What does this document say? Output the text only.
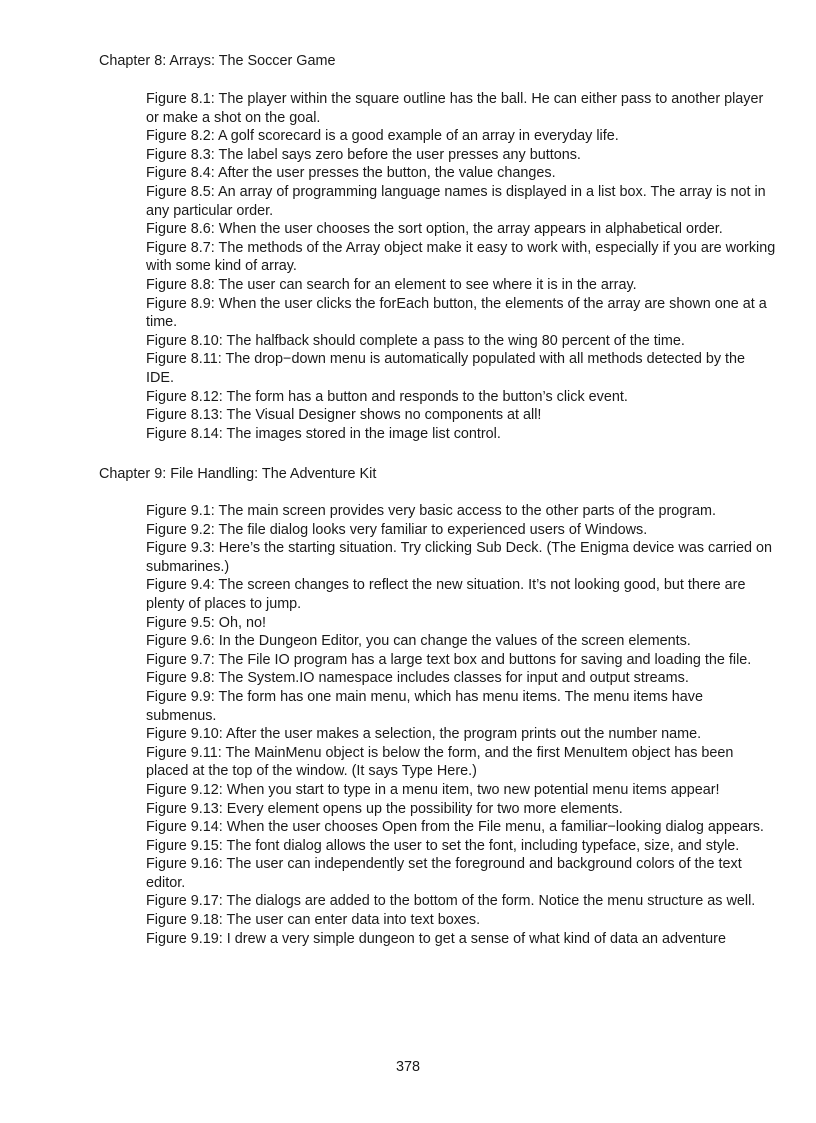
Chapter 8: Arrays: The Soccer Game
Figure 8.1: The player within the square outline has the ball. He can either pass to another player or make a shot on the goal.
Figure 8.2: A golf scorecard is a good example of an array in everyday life.
Figure 8.3: The label says zero before the user presses any buttons.
Figure 8.4: After the user presses the button, the value changes.
Figure 8.5: An array of programming language names is displayed in a list box. The array is not in any particular order.
Figure 8.6: When the user chooses the sort option, the array appears in alphabetical order.
Figure 8.7: The methods of the Array object make it easy to work with, especially if you are working with some kind of array.
Figure 8.8: The user can search for an element to see where it is in the array.
Figure 8.9: When the user clicks the forEach button, the elements of the array are shown one at a time.
Figure 8.10: The halfback should complete a pass to the wing 80 percent of the time.
Figure 8.11: The drop−down menu is automatically populated with all methods detected by the IDE.
Figure 8.12: The form has a button and responds to the button’s click event.
Figure 8.13: The Visual Designer shows no components at all!
Figure 8.14: The images stored in the image list control.
Chapter 9: File Handling: The Adventure Kit
Figure 9.1: The main screen provides very basic access to the other parts of the program.
Figure 9.2: The file dialog looks very familiar to experienced users of Windows.
Figure 9.3: Here’s the starting situation. Try clicking Sub Deck. (The Enigma device was carried on submarines.)
Figure 9.4: The screen changes to reflect the new situation. It’s not looking good, but there are plenty of places to jump.
Figure 9.5: Oh, no!
Figure 9.6: In the Dungeon Editor, you can change the values of the screen elements.
Figure 9.7: The File IO program has a large text box and buttons for saving and loading the file.
Figure 9.8: The System.IO namespace includes classes for input and output streams.
Figure 9.9: The form has one main menu, which has menu items. The menu items have submenus.
Figure 9.10: After the user makes a selection, the program prints out the number name.
Figure 9.11: The MainMenu object is below the form, and the first MenuItem object has been placed at the top of the window. (It says Type Here.)
Figure 9.12: When you start to type in a menu item, two new potential menu items appear!
Figure 9.13: Every element opens up the possibility for two more elements.
Figure 9.14: When the user chooses Open from the File menu, a familiar−looking dialog appears.
Figure 9.15: The font dialog allows the user to set the font, including typeface, size, and style.
Figure 9.16: The user can independently set the foreground and background colors of the text editor.
Figure 9.17: The dialogs are added to the bottom of the form. Notice the menu structure as well.
Figure 9.18: The user can enter data into text boxes.
Figure 9.19: I drew a very simple dungeon to get a sense of what kind of data an adventure
378
